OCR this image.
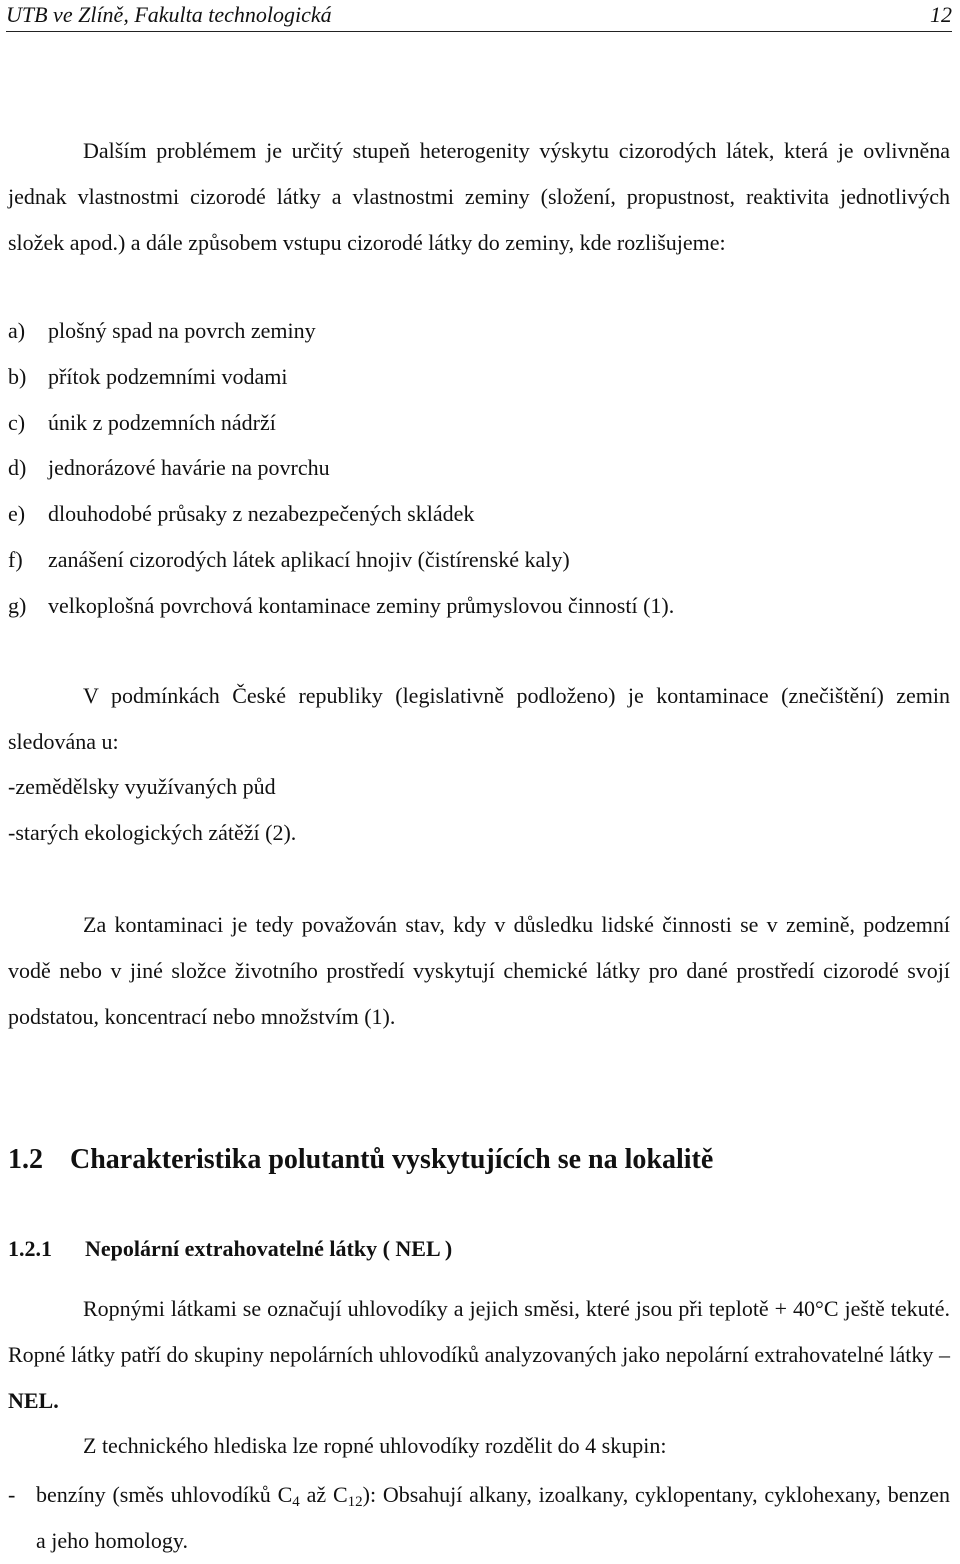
UTB ve Zlíně, Fakulta technologická	12

Dalším problémem je určitý stupeň heterogenity výskytu cizorodých látek, která je ovlivněna jednak vlastnostmi cizorodé látky a vlastnostmi zeminy (složení, propustnost, reaktivita jednotlivých složek apod.) a dále způsobem vstupu cizorodé látky do zeminy, kde rozlišujeme:

a) plošný spad na povrch zeminy

b) přítok podzemními vodami

c) únik z podzemních nádrží

d) jednorázové havárie na povrchu

e) dlouhodobé průsaky z nezabezpečených skládek

f) zanášení cizorodých látek aplikací hnojiv (čistírenské kaly)

g) velkoplošná povrchová kontaminace zeminy průmyslovou činností (1).

V podmínkách České republiky (legislativně podloženo) je kontaminace (znečištění) zemin sledována u:

-zemědělsky využívaných půd

-starých ekologických zátěží (2).

Za kontaminaci je tedy považován stav, kdy v důsledku lidské činnosti se v zemině, podzemní vodě nebo v jiné složce životního prostředí vyskytují chemické látky pro dané prostředí cizorodé svojí podstatou, koncentrací nebo množstvím (1).

1.2 Charakteristika polutantů vyskytujících se na lokalitě
1.2.1 Nepolární extrahovatelné látky ( NEL )

Ropnými látkami se označují uhlovodíky a jejich směsi, které jsou při teplotě + 40°C ještě tekuté. Ropné látky patří do skupiny nepolárních uhlovodíků analyzovaných jako nepolární extrahovatelné látky – NEL.

Z technického hlediska lze ropné uhlovodíky rozdělit do 4 skupin:

- benzíny (směs uhlovodíků $C_4$ až $C_{12}$): Obsahují alkany, izoalkany, cyklopentany, cyklohexany, benzen a jeho homology.
